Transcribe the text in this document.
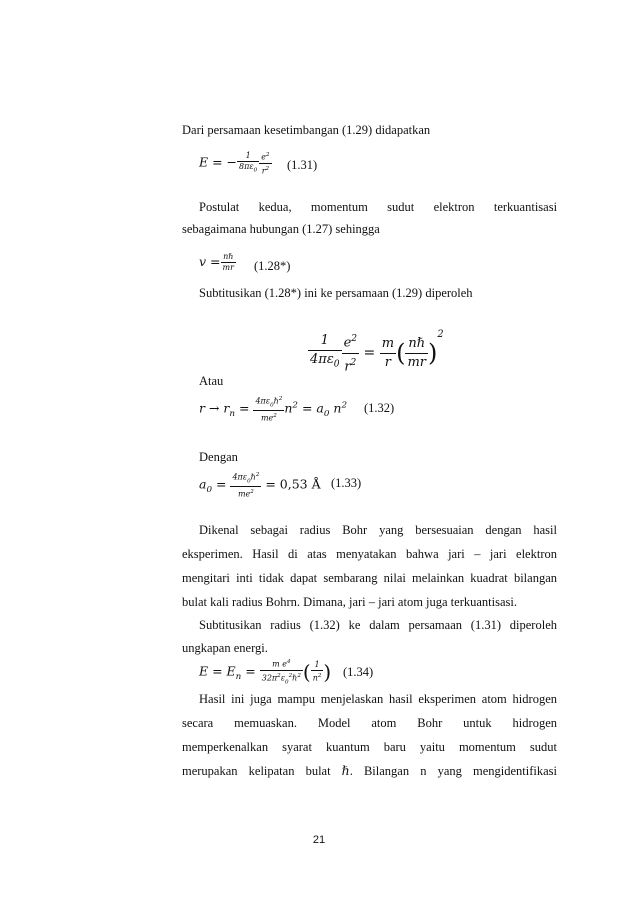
Dari persamaan kesetimbangan (1.29) didapatkan
E = − $\frac{1}{8\pi\varepsilon_0} \frac{e^2}{r^2} (1.31)$
Postulat kedua, momentum sudut elektron terkuantisasi
sebagaimana hubungan (1.27) sehingga
$v = \frac{\text{nℏ}}{mr} (1.28*)$
Subtitusikan (1.28*) ini ke persamaan (1.29) diperoleh
$\frac{1}{4\pi\varepsilon_0} \frac{e^2}{r^2} = \frac{m}{r}$ ( $\frac{\text{nℏ}}{mr} )^2$
Atau
$r \to r_n = \frac{4\pi\varepsilon_0\hbar^2}{me^2} n^2 = a_0$ $n^2$ (1.32)
Dengan
$a_0 = \frac{4\pi\varepsilon_0\hbar^2}{me^2} = 0,53$ Å (1.33)
Dikenal sebagai radius Bohr yang bersesuaian dengan hasil
eksperimen. Hasil di atas menyatakan bahwa jari – jari elektron
mengitari inti tidak dapat sembarang nilai melainkan kuadrat bilangan
bulat kali radius Bohrn. Dimana, jari – jari atom juga terkuantisasi.
Subtitusikan radius (1.32) ke dalam persamaan (1.31) diperoleh
ungkapan energi.
$E = E_n = \frac{m e^4}{32\pi^2\varepsilon_0^2\hbar^2}$ ( $\frac{1}{n^2}$ ) (1.34)
Hasil ini juga mampu menjelaskan hasil eksperimen atom hidrogen
secara memuaskan. Model atom Bohr untuk hidrogen
memperkenalkan syarat kuantum baru yaitu momentum sudut
merupakan kelipatan bulat ℏ. Bilangan n yang mengidentifikasi
21
